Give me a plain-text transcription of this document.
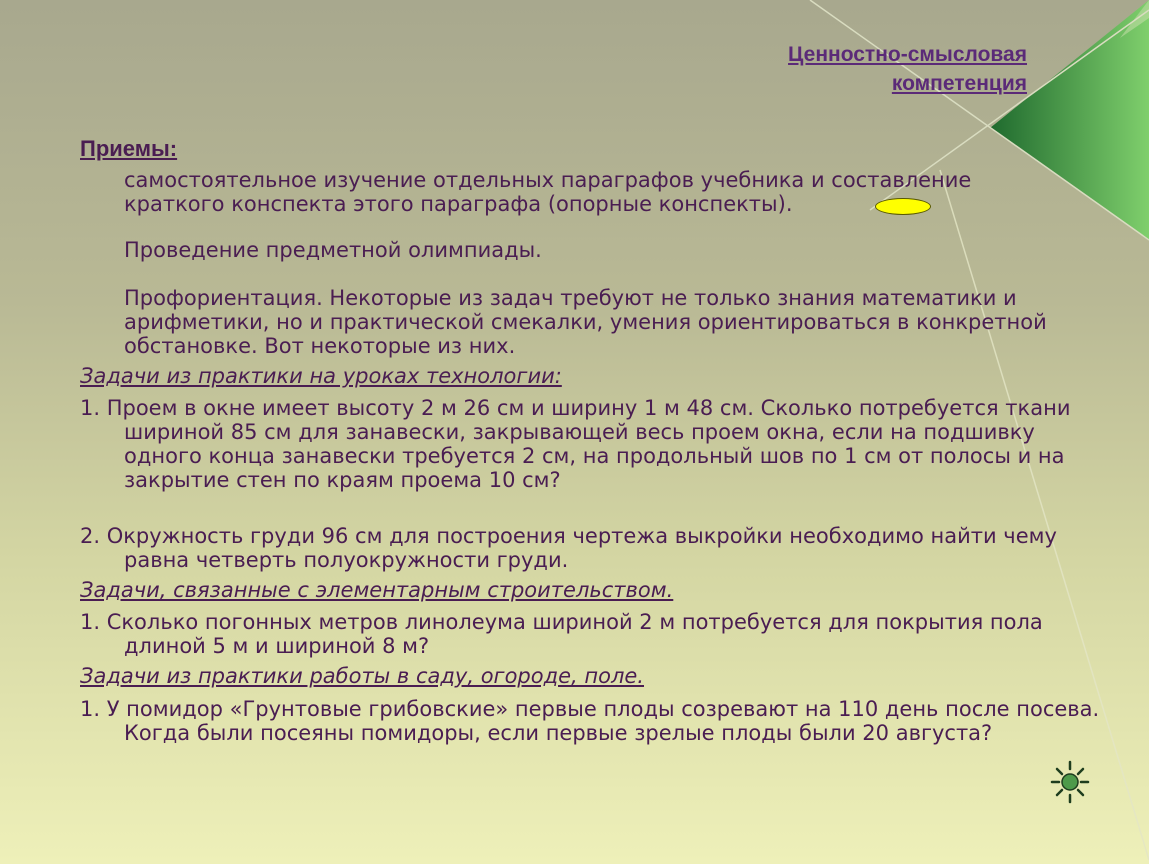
Ценностно-смысловая
компетенция
Приемы:
самостоятельное изучение отдельных параграфов учебника и составление краткого конспекта этого параграфа (опорные конспекты).
Проведение предметной олимпиады.
Профориентация. Некоторые из задач требуют не только знания математики и арифметики, но и практической смекалки, умения ориентироваться в конкретной обстановке. Вот некоторые из них.
Задачи из практики на уроках технологии:
1. Проем в окне имеет высоту 2 м 26 см и ширину 1 м 48 см. Сколько потребуется ткани шириной 85 см для занавески, закрывающей весь проем окна, если на подшивку одного конца занавески требуется 2 см, на продольный шов по 1 см от полосы и на закрытие стен по краям проема 10 см?
2. Окружность груди 96 см для построения чертежа выкройки необходимо найти чему равна четверть полуокружности груди.
Задачи, связанные с элементарным строительством.
1. Сколько погонных метров линолеума шириной 2 м потребуется для покрытия пола длиной 5 м и шириной 8 м?
Задачи из практики работы в саду, огороде, поле.
1. У помидор «Грунтовые грибовские» первые плоды созревают на 110 день после посева. Когда были посеяны помидоры, если первые зрелые плоды были 20 августа?
